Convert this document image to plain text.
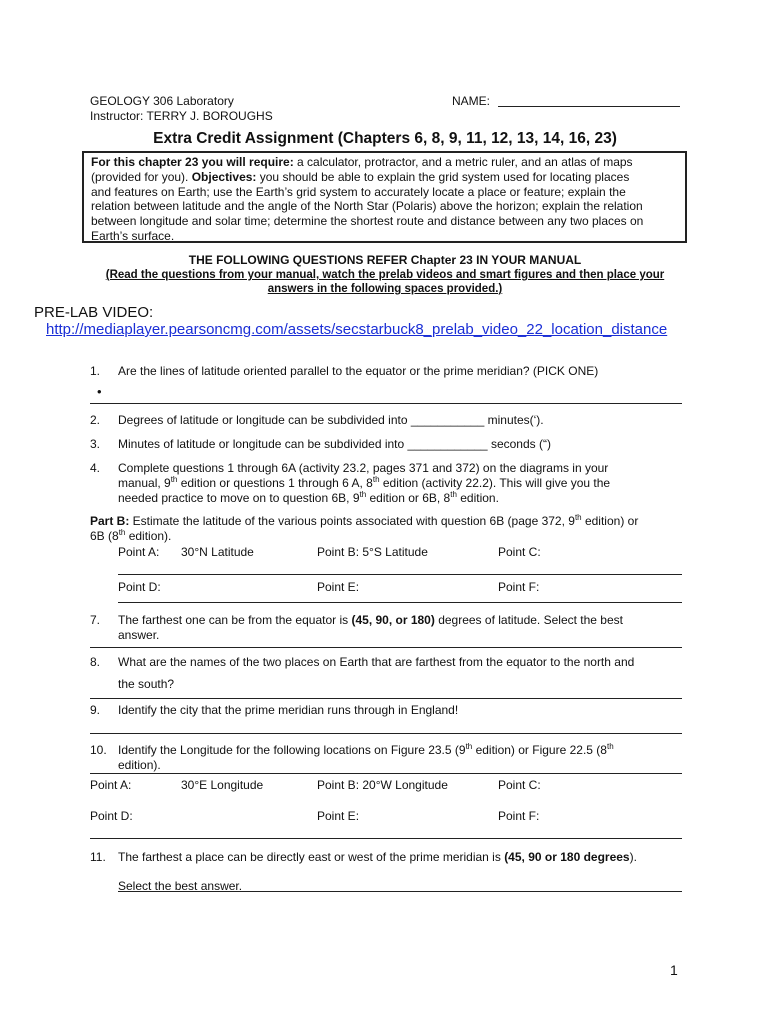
GEOLOGY 306 Laboratory
Instructor: TERRY J. BOROUGHS
NAME:
Extra Credit Assignment (Chapters 6, 8, 9, 11, 12, 13, 14, 16, 23)
For this chapter 23 you will require: a calculator, protractor, and a metric ruler, and an atlas of maps
(provided for you). Objectives: you should be able to explain the grid system used for locating places
and features on Earth; use the Earth’s grid system to accurately locate a place or feature; explain the
relation between latitude and the angle of the North Star (Polaris) above the horizon; explain the relation
between longitude and solar time; determine the shortest route and distance between any two places on
Earth’s surface.
THE FOLLOWING QUESTIONS REFER Chapter 23 IN YOUR MANUAL
(Read the questions from your manual, watch the prelab videos and smart figures and then place your
answers in the following spaces provided.)
PRE-LAB VIDEO:
http://mediaplayer.pearsoncmg.com/assets/secstarbuck8_prelab_video_22_location_distance
1. Are the lines of latitude oriented parallel to the equator or the prime meridian? (PICK ONE)
•
2. Degrees of latitude or longitude can be subdivided into ___________ minutes(‘).
3. Minutes of latitude or longitude can be subdivided into ____________ seconds (“)
4. Complete questions 1 through 6A (activity 23.2, pages 371 and 372) on the diagrams in your
manual, 9th edition or questions 1 through 6 A, 8th edition (activity 22.2). This will give you the
needed practice to move on to question 6B, 9th edition or 6B, 8th edition.
Part B: Estimate the latitude of the various points associated with question 6B (page 372, 9th edition) or
6B (8th edition).
Point A: 30°N Latitude	Point B: 5°S Latitude	Point C:
Point D:	Point E:	Point F:
7. The farthest one can be from the equator is (45, 90, or 180) degrees of latitude. Select the best
answer.
8. What are the names of the two places on Earth that are farthest from the equator to the north and
the south?
9. Identify the city that the prime meridian runs through in England!
10. Identify the Longitude for the following locations on Figure 23.5 (9th edition) or Figure 22.5 (8th
edition).
Point A:	30°E Longitude	Point B: 20°W Longitude	Point C:
Point D:	Point E:	Point F:
11. The farthest a place can be directly east or west of the prime meridian is (45, 90 or 180 degrees).
Select the best answer.
1
